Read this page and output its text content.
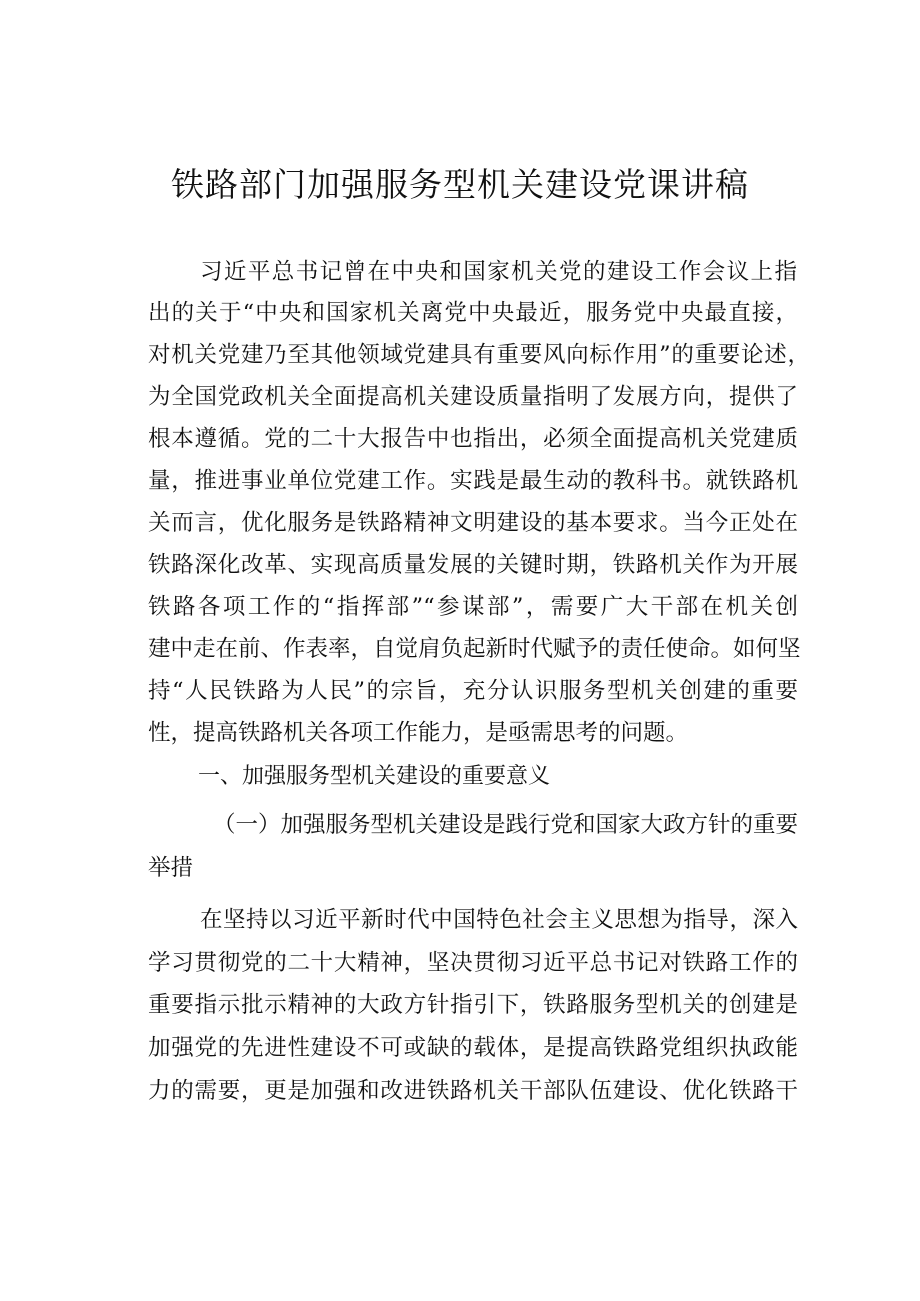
铁路部门加强服务型机关建设党课讲稿
习近平总书记曾在中央和国家机关党的建设工作会议上指
出的关于“中央和国家机关离党中央最近，服务党中央最直接，
对机关党建乃至其他领域党建具有重要风向标作用”的重要论述，
为全国党政机关全面提高机关建设质量指明了发展方向，提供了
根本遵循。党的二十大报告中也指出，必须全面提高机关党建质
量，推进事业单位党建工作。实践是最生动的教科书。就铁路机
关而言，优化服务是铁路精神文明建设的基本要求。当今正处在
铁路深化改革、实现高质量发展的关键时期，铁路机关作为开展
铁路各项工作的“指挥部”“参谋部”，需要广大干部在机关创
建中走在前、作表率，自觉肩负起新时代赋予的责任使命。如何坚
持“人民铁路为人民”的宗旨，充分认识服务型机关创建的重要
性，提高铁路机关各项工作能力，是亟需思考的问题。
一、加强服务型机关建设的重要意义
（一）加强服务型机关建设是践行党和国家大政方针的重要
举措
在坚持以习近平新时代中国特色社会主义思想为指导，深入
学习贯彻党的二十大精神，坚决贯彻习近平总书记对铁路工作的
重要指示批示精神的大政方针指引下，铁路服务型机关的创建是
加强党的先进性建设不可或缺的载体，是提高铁路党组织执政能
力的需要，更是加强和改进铁路机关干部队伍建设、优化铁路干
